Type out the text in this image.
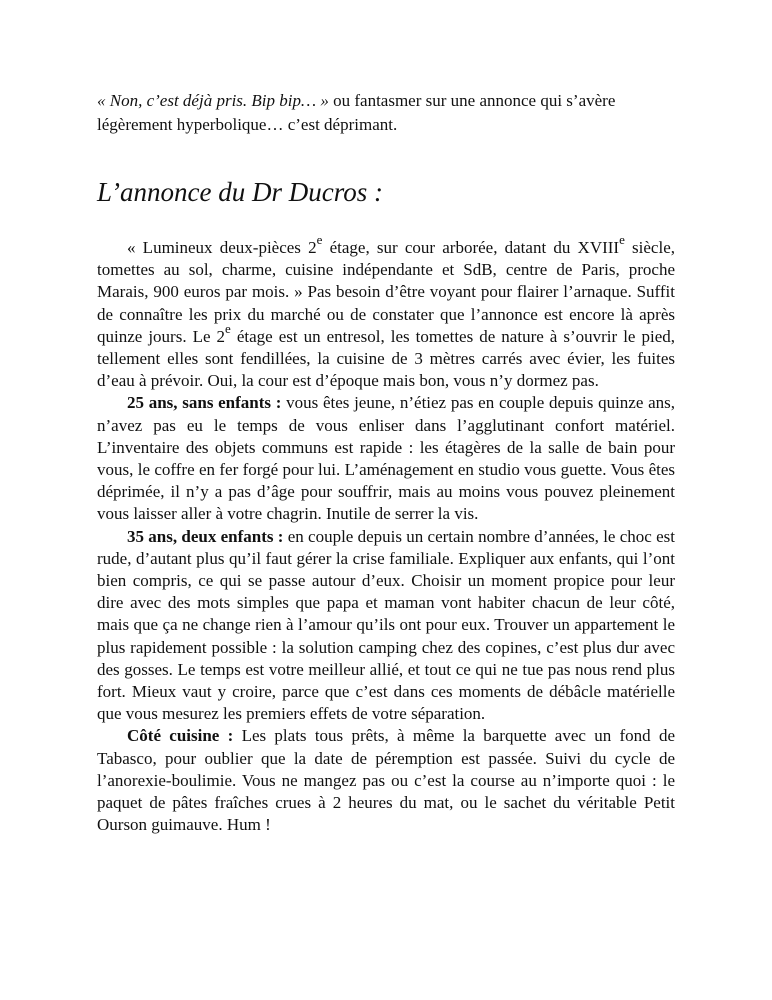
« Non, c’est déjà pris. Bip bip… » ou fantasmer sur une annonce qui s’avère légèrement hyperbolique… c’est déprimant.

L’annonce du Dr Ducros :

« Lumineux deux-pièces 2e étage, sur cour arborée, datant du XVIIIe siècle, tomettes au sol, charme, cuisine indépendante et SdB, centre de Paris, proche Marais, 900 euros par mois. » Pas besoin d’être voyant pour flairer l’arnaque. Suffit de connaître les prix du marché ou de constater que l’annonce est encore là après quinze jours. Le 2e étage est un entresol, les tomettes de nature à s’ouvrir le pied, tellement elles sont fendillées, la cuisine de 3 mètres carrés avec évier, les fuites d’eau à prévoir. Oui, la cour est d’époque mais bon, vous n’y dormez pas.

25 ans, sans enfants : vous êtes jeune, n’étiez pas en couple depuis quinze ans, n’avez pas eu le temps de vous enliser dans l’agglutinant confort matériel. L’inventaire des objets communs est rapide : les étagères de la salle de bain pour vous, le coffre en fer forgé pour lui. L’aménagement en studio vous guette. Vous êtes déprimée, il n’y a pas d’âge pour souffrir, mais au moins vous pouvez pleinement vous laisser aller à votre chagrin. Inutile de serrer la vis.

35 ans, deux enfants : en couple depuis un certain nombre d’années, le choc est rude, d’autant plus qu’il faut gérer la crise familiale. Expliquer aux enfants, qui l’ont bien compris, ce qui se passe autour d’eux. Choisir un moment propice pour leur dire avec des mots simples que papa et maman vont habiter chacun de leur côté, mais que ça ne change rien à l’amour qu’ils ont pour eux. Trouver un appartement le plus rapidement possible : la solution camping chez des copines, c’est plus dur avec des gosses. Le temps est votre meilleur allié, et tout ce qui ne tue pas nous rend plus fort. Mieux vaut y croire, parce que c’est dans ces moments de débâcle matérielle que vous mesurez les premiers effets de votre séparation.

Côté cuisine : Les plats tous prêts, à même la barquette avec un fond de Tabasco, pour oublier que la date de péremption est passée. Suivi du cycle de l’anorexie-boulimie. Vous ne mangez pas ou c’est la course au n’importe quoi : le paquet de pâtes fraîches crues à 2 heures du mat, ou le sachet du véritable Petit Ourson guimauve. Hum !
